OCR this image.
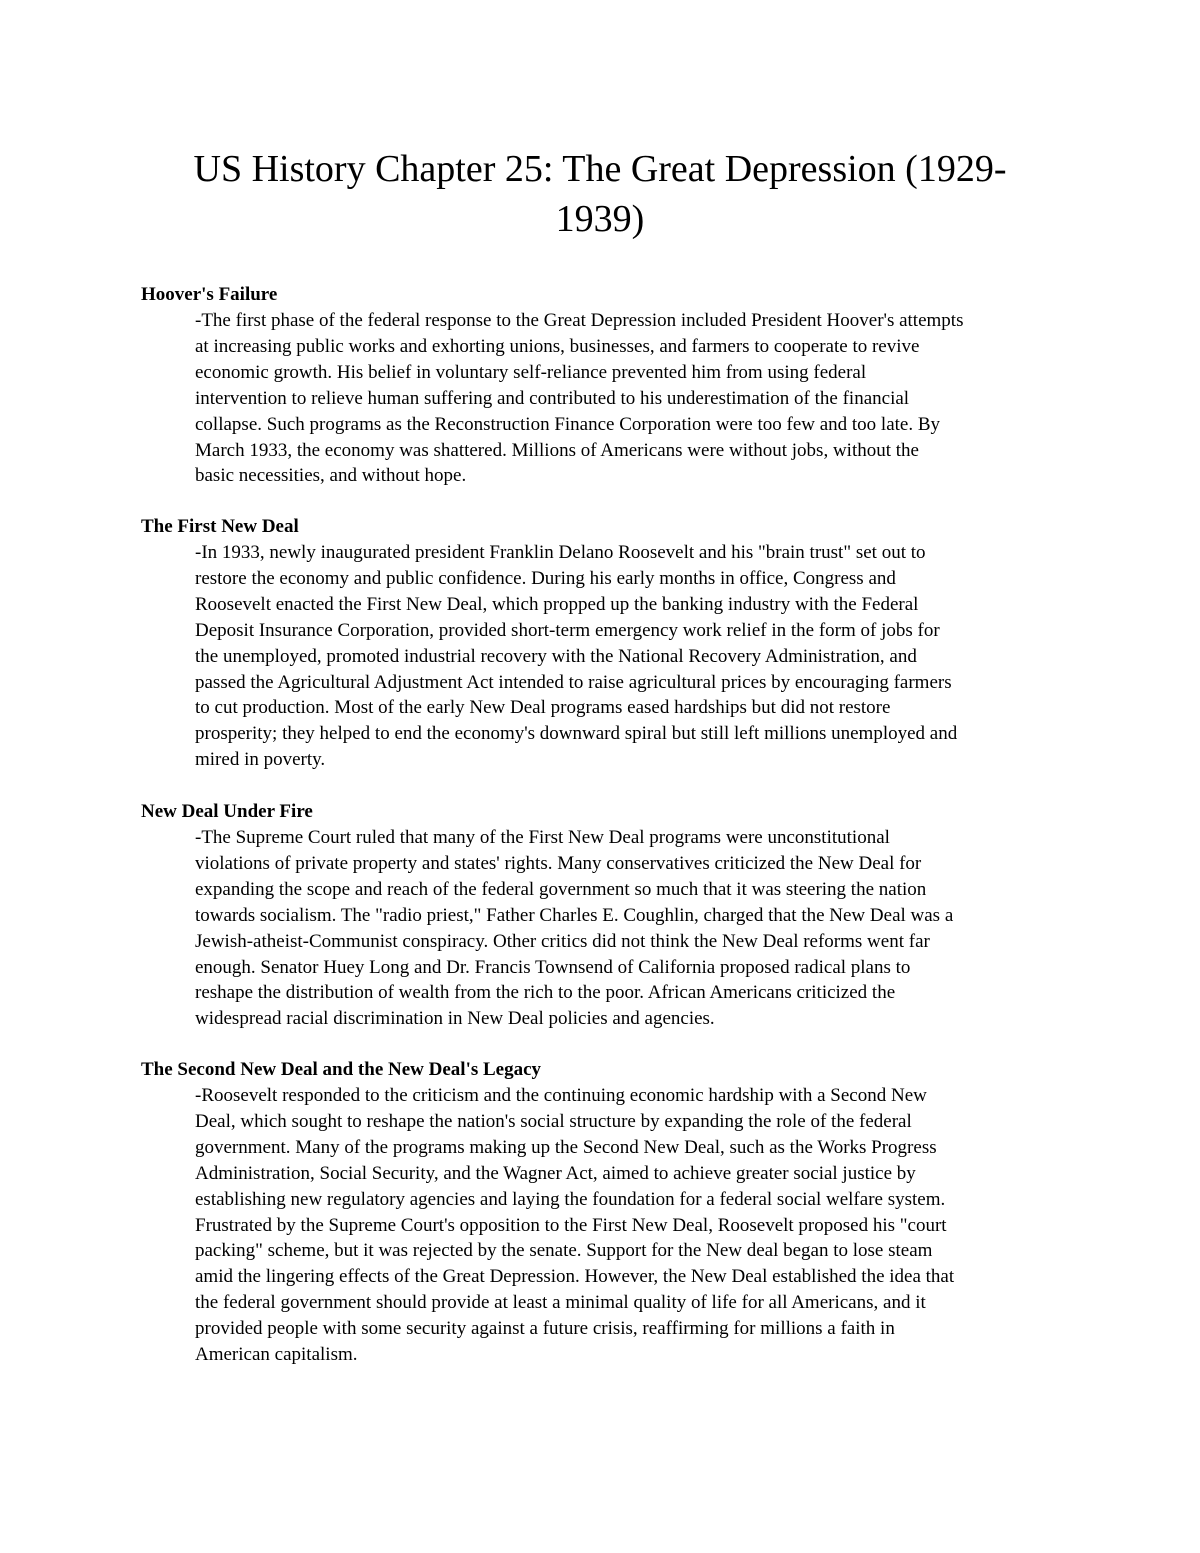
US History Chapter 25: The Great Depression (1929-
1939)
Hoover's Failure

-The first phase of the federal response to the Great Depression included President Hoover's attempts
at increasing public works and exhorting unions, businesses, and farmers to cooperate to revive
economic growth. His belief in voluntary self-reliance prevented him from using federal
intervention to relieve human suffering and contributed to his underestimation of the financial
collapse. Such programs as the Reconstruction Finance Corporation were too few and too late. By
March 1933, the economy was shattered. Millions of Americans were without jobs, without the
basic necessities, and without hope.

The First New Deal

-In 1933, newly inaugurated president Franklin Delano Roosevelt and his "brain trust" set out to
restore the economy and public confidence. During his early months in office, Congress and
Roosevelt enacted the First New Deal, which propped up the banking industry with the Federal
Deposit Insurance Corporation, provided short-term emergency work relief in the form of jobs for
the unemployed, promoted industrial recovery with the National Recovery Administration, and
passed the Agricultural Adjustment Act intended to raise agricultural prices by encouraging farmers
to cut production. Most of the early New Deal programs eased hardships but did not restore
prosperity; they helped to end the economy's downward spiral but still left millions unemployed and
mired in poverty.

New Deal Under Fire

-The Supreme Court ruled that many of the First New Deal programs were unconstitutional
violations of private property and states' rights. Many conservatives criticized the New Deal for
expanding the scope and reach of the federal government so much that it was steering the nation
towards socialism. The "radio priest," Father Charles E. Coughlin, charged that the New Deal was a
Jewish-atheist-Communist conspiracy. Other critics did not think the New Deal reforms went far
enough. Senator Huey Long and Dr. Francis Townsend of California proposed radical plans to
reshape the distribution of wealth from the rich to the poor. African Americans criticized the
widespread racial discrimination in New Deal policies and agencies.

The Second New Deal and the New Deal's Legacy

-Roosevelt responded to the criticism and the continuing economic hardship with a Second New
Deal, which sought to reshape the nation's social structure by expanding the role of the federal
government. Many of the programs making up the Second New Deal, such as the Works Progress
Administration, Social Security, and the Wagner Act, aimed to achieve greater social justice by
establishing new regulatory agencies and laying the foundation for a federal social welfare system.
Frustrated by the Supreme Court's opposition to the First New Deal, Roosevelt proposed his "court
packing" scheme, but it was rejected by the senate. Support for the New deal began to lose steam
amid the lingering effects of the Great Depression. However, the New Deal established the idea that
the federal government should provide at least a minimal quality of life for all Americans, and it
provided people with some security against a future crisis, reaffirming for millions a faith in
American capitalism.
